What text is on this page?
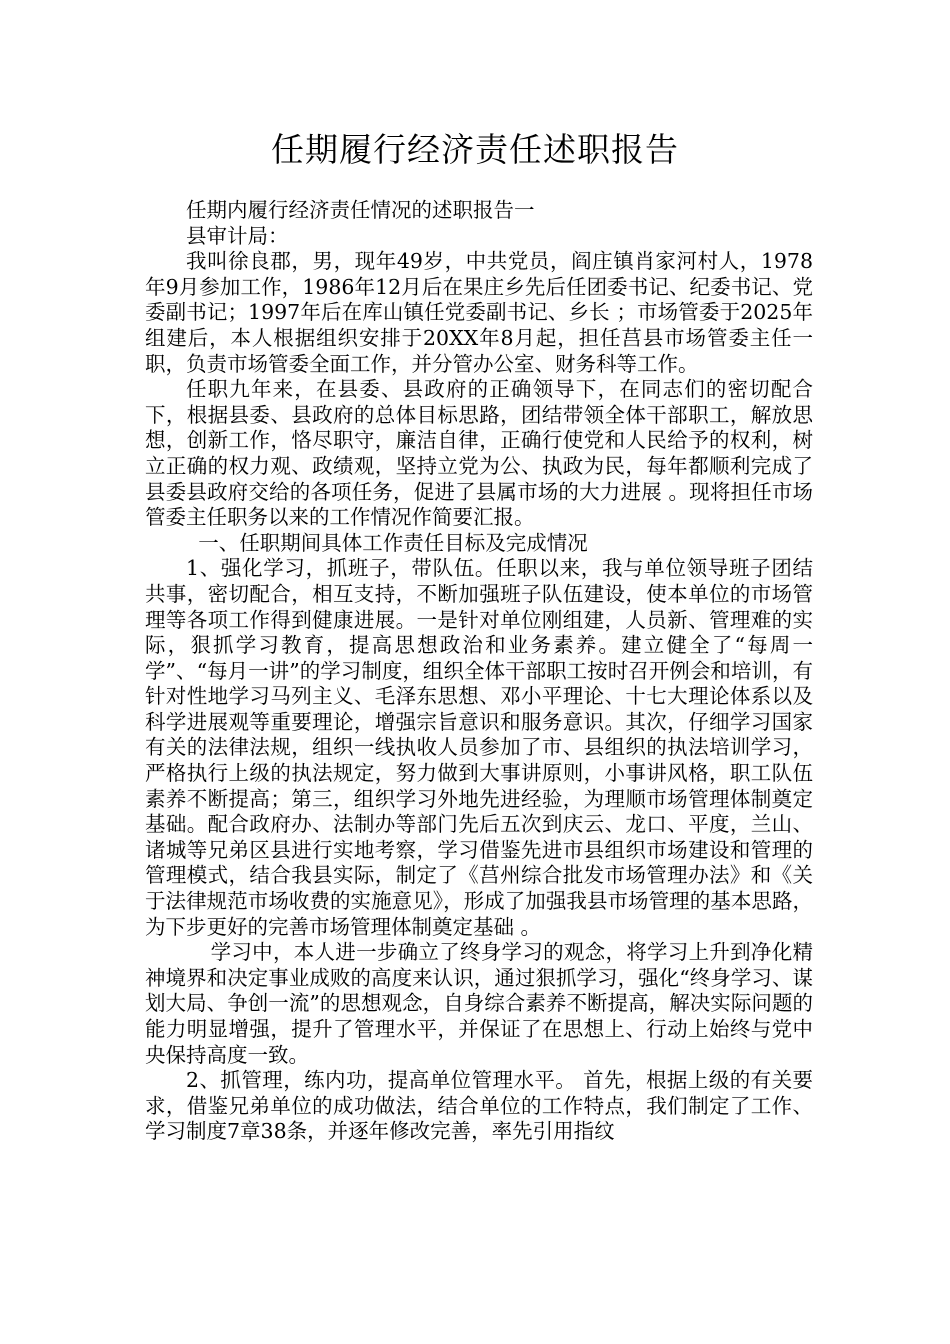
任期履行经济责任述职报告

任期内履行经济责任情况的述职报告一

县审计局：

我叫徐良郡，男，现年49岁，中共党员，阎庄镇肖家河村人，1978年9月参加工作，1986年12月后在果庄乡先后任团委书记、纪委书记、党委副书记；1997年后在库山镇任党委副书记、乡长 ；市场管委于2025年组建后，本人根据组织安排于20XX年8月起，担任莒县市场管委主任一职，负责市场管委全面工作，并分管办公室、财务科等工作。

任职九年来，在县委、县政府的正确领导下，在同志们的密切配合下，根据县委、县政府的总体目标思路，团结带领全体干部职工，解放思想，创新工作，恪尽职守，廉洁自律，正确行使党和人民给予的权利，树立正确的权力观、政绩观，坚持立党为公、执政为民，每年都顺利完成了县委县政府交给的各项任务，促进了县属市场的大力进展 。现将担任市场管委主任职务以来的工作情况作简要汇报。

一、任职期间具体工作责任目标及完成情况

1、强化学习，抓班子，带队伍。任职以来，我与单位领导班子团结共事，密切配合，相互支持，不断加强班子队伍建设，使本单位的市场管理等各项工作得到健康进展。一是针对单位刚组建，人员新、管理难的实际，狠抓学习教育，提高思想政治和业务素养。建立健全了“每周一学”、“每月一讲”的学习制度，组织全体干部职工按时召开例会和培训，有针对性地学习马列主义、毛泽东思想、邓小平理论、十七大理论体系以及科学进展观等重要理论，增强宗旨意识和服务意识。其次，仔细学习国家有关的法律法规，组织一线执收人员参加了市、县组织的执法培训学习，严格执行上级的执法规定，努力做到大事讲原则，小事讲风格，职工队伍素养不断提高；第三，组织学习外地先进经验，为理顺市场管理体制奠定基础。配合政府办、法制办等部门先后五次到庆云、龙口、平度，兰山、诸城等兄弟区县进行实地考察，学习借鉴先进市县组织市场建设和管理的管理模式，结合我县实际，制定了《莒州综合批发市场管理办法》和《关于法律规范市场收费的实施意见》，形成了加强我县市场管理的基本思路，为下步更好的完善市场管理体制奠定基础 。

学习中，本人进一步确立了终身学习的观念，将学习上升到净化精神境界和决定事业成败的高度来认识，通过狠抓学习，强化“终身学习、谋划大局、争创一流”的思想观念，自身综合素养不断提高，解决实际问题的能力明显增强，提升了管理水平，并保证了在思想上、行动上始终与党中央保持高度一致。

2、抓管理，练内功，提高单位管理水平。 首先，根据上级的有关要求，借鉴兄弟单位的成功做法，结合单位的工作特点，我们制定了工作、学习制度7章38条，并逐年修改完善，率先引用指纹
